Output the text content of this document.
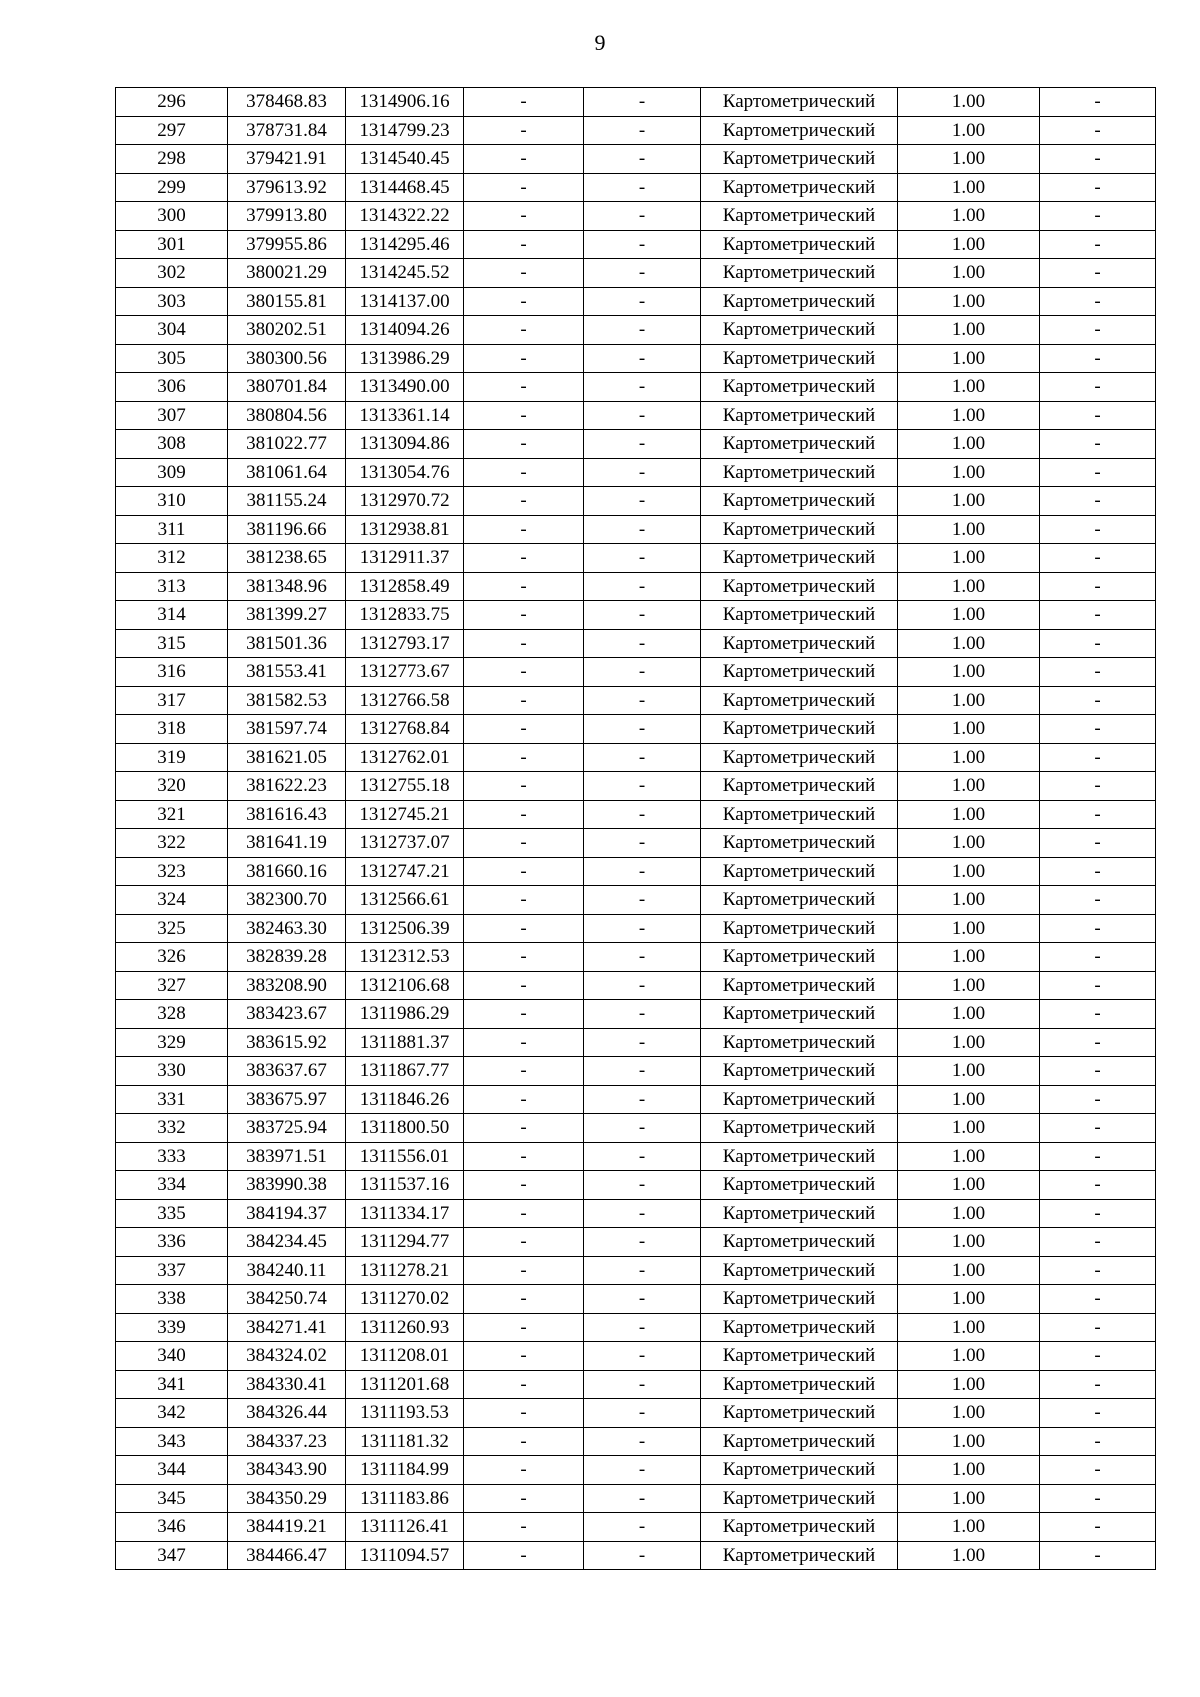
9
296	378468.83	1314906.16	-	-	Картометрический	1.00	-
297	378731.84	1314799.23	-	-	Картометрический	1.00	-
298	379421.91	1314540.45	-	-	Картометрический	1.00	-
299	379613.92	1314468.45	-	-	Картометрический	1.00	-
300	379913.80	1314322.22	-	-	Картометрический	1.00	-
301	379955.86	1314295.46	-	-	Картометрический	1.00	-
302	380021.29	1314245.52	-	-	Картометрический	1.00	-
303	380155.81	1314137.00	-	-	Картометрический	1.00	-
304	380202.51	1314094.26	-	-	Картометрический	1.00	-
305	380300.56	1313986.29	-	-	Картометрический	1.00	-
306	380701.84	1313490.00	-	-	Картометрический	1.00	-
307	380804.56	1313361.14	-	-	Картометрический	1.00	-
308	381022.77	1313094.86	-	-	Картометрический	1.00	-
309	381061.64	1313054.76	-	-	Картометрический	1.00	-
310	381155.24	1312970.72	-	-	Картометрический	1.00	-
311	381196.66	1312938.81	-	-	Картометрический	1.00	-
312	381238.65	1312911.37	-	-	Картометрический	1.00	-
313	381348.96	1312858.49	-	-	Картометрический	1.00	-
314	381399.27	1312833.75	-	-	Картометрический	1.00	-
315	381501.36	1312793.17	-	-	Картометрический	1.00	-
316	381553.41	1312773.67	-	-	Картометрический	1.00	-
317	381582.53	1312766.58	-	-	Картометрический	1.00	-
318	381597.74	1312768.84	-	-	Картометрический	1.00	-
319	381621.05	1312762.01	-	-	Картометрический	1.00	-
320	381622.23	1312755.18	-	-	Картометрический	1.00	-
321	381616.43	1312745.21	-	-	Картометрический	1.00	-
322	381641.19	1312737.07	-	-	Картометрический	1.00	-
323	381660.16	1312747.21	-	-	Картометрический	1.00	-
324	382300.70	1312566.61	-	-	Картометрический	1.00	-
325	382463.30	1312506.39	-	-	Картометрический	1.00	-
326	382839.28	1312312.53	-	-	Картометрический	1.00	-
327	383208.90	1312106.68	-	-	Картометрический	1.00	-
328	383423.67	1311986.29	-	-	Картометрический	1.00	-
329	383615.92	1311881.37	-	-	Картометрический	1.00	-
330	383637.67	1311867.77	-	-	Картометрический	1.00	-
331	383675.97	1311846.26	-	-	Картометрический	1.00	-
332	383725.94	1311800.50	-	-	Картометрический	1.00	-
333	383971.51	1311556.01	-	-	Картометрический	1.00	-
334	383990.38	1311537.16	-	-	Картометрический	1.00	-
335	384194.37	1311334.17	-	-	Картометрический	1.00	-
336	384234.45	1311294.77	-	-	Картометрический	1.00	-
337	384240.11	1311278.21	-	-	Картометрический	1.00	-
338	384250.74	1311270.02	-	-	Картометрический	1.00	-
339	384271.41	1311260.93	-	-	Картометрический	1.00	-
340	384324.02	1311208.01	-	-	Картометрический	1.00	-
341	384330.41	1311201.68	-	-	Картометрический	1.00	-
342	384326.44	1311193.53	-	-	Картометрический	1.00	-
343	384337.23	1311181.32	-	-	Картометрический	1.00	-
344	384343.90	1311184.99	-	-	Картометрический	1.00	-
345	384350.29	1311183.86	-	-	Картометрический	1.00	-
346	384419.21	1311126.41	-	-	Картометрический	1.00	-
347	384466.47	1311094.57	-	-	Картометрический	1.00	-
